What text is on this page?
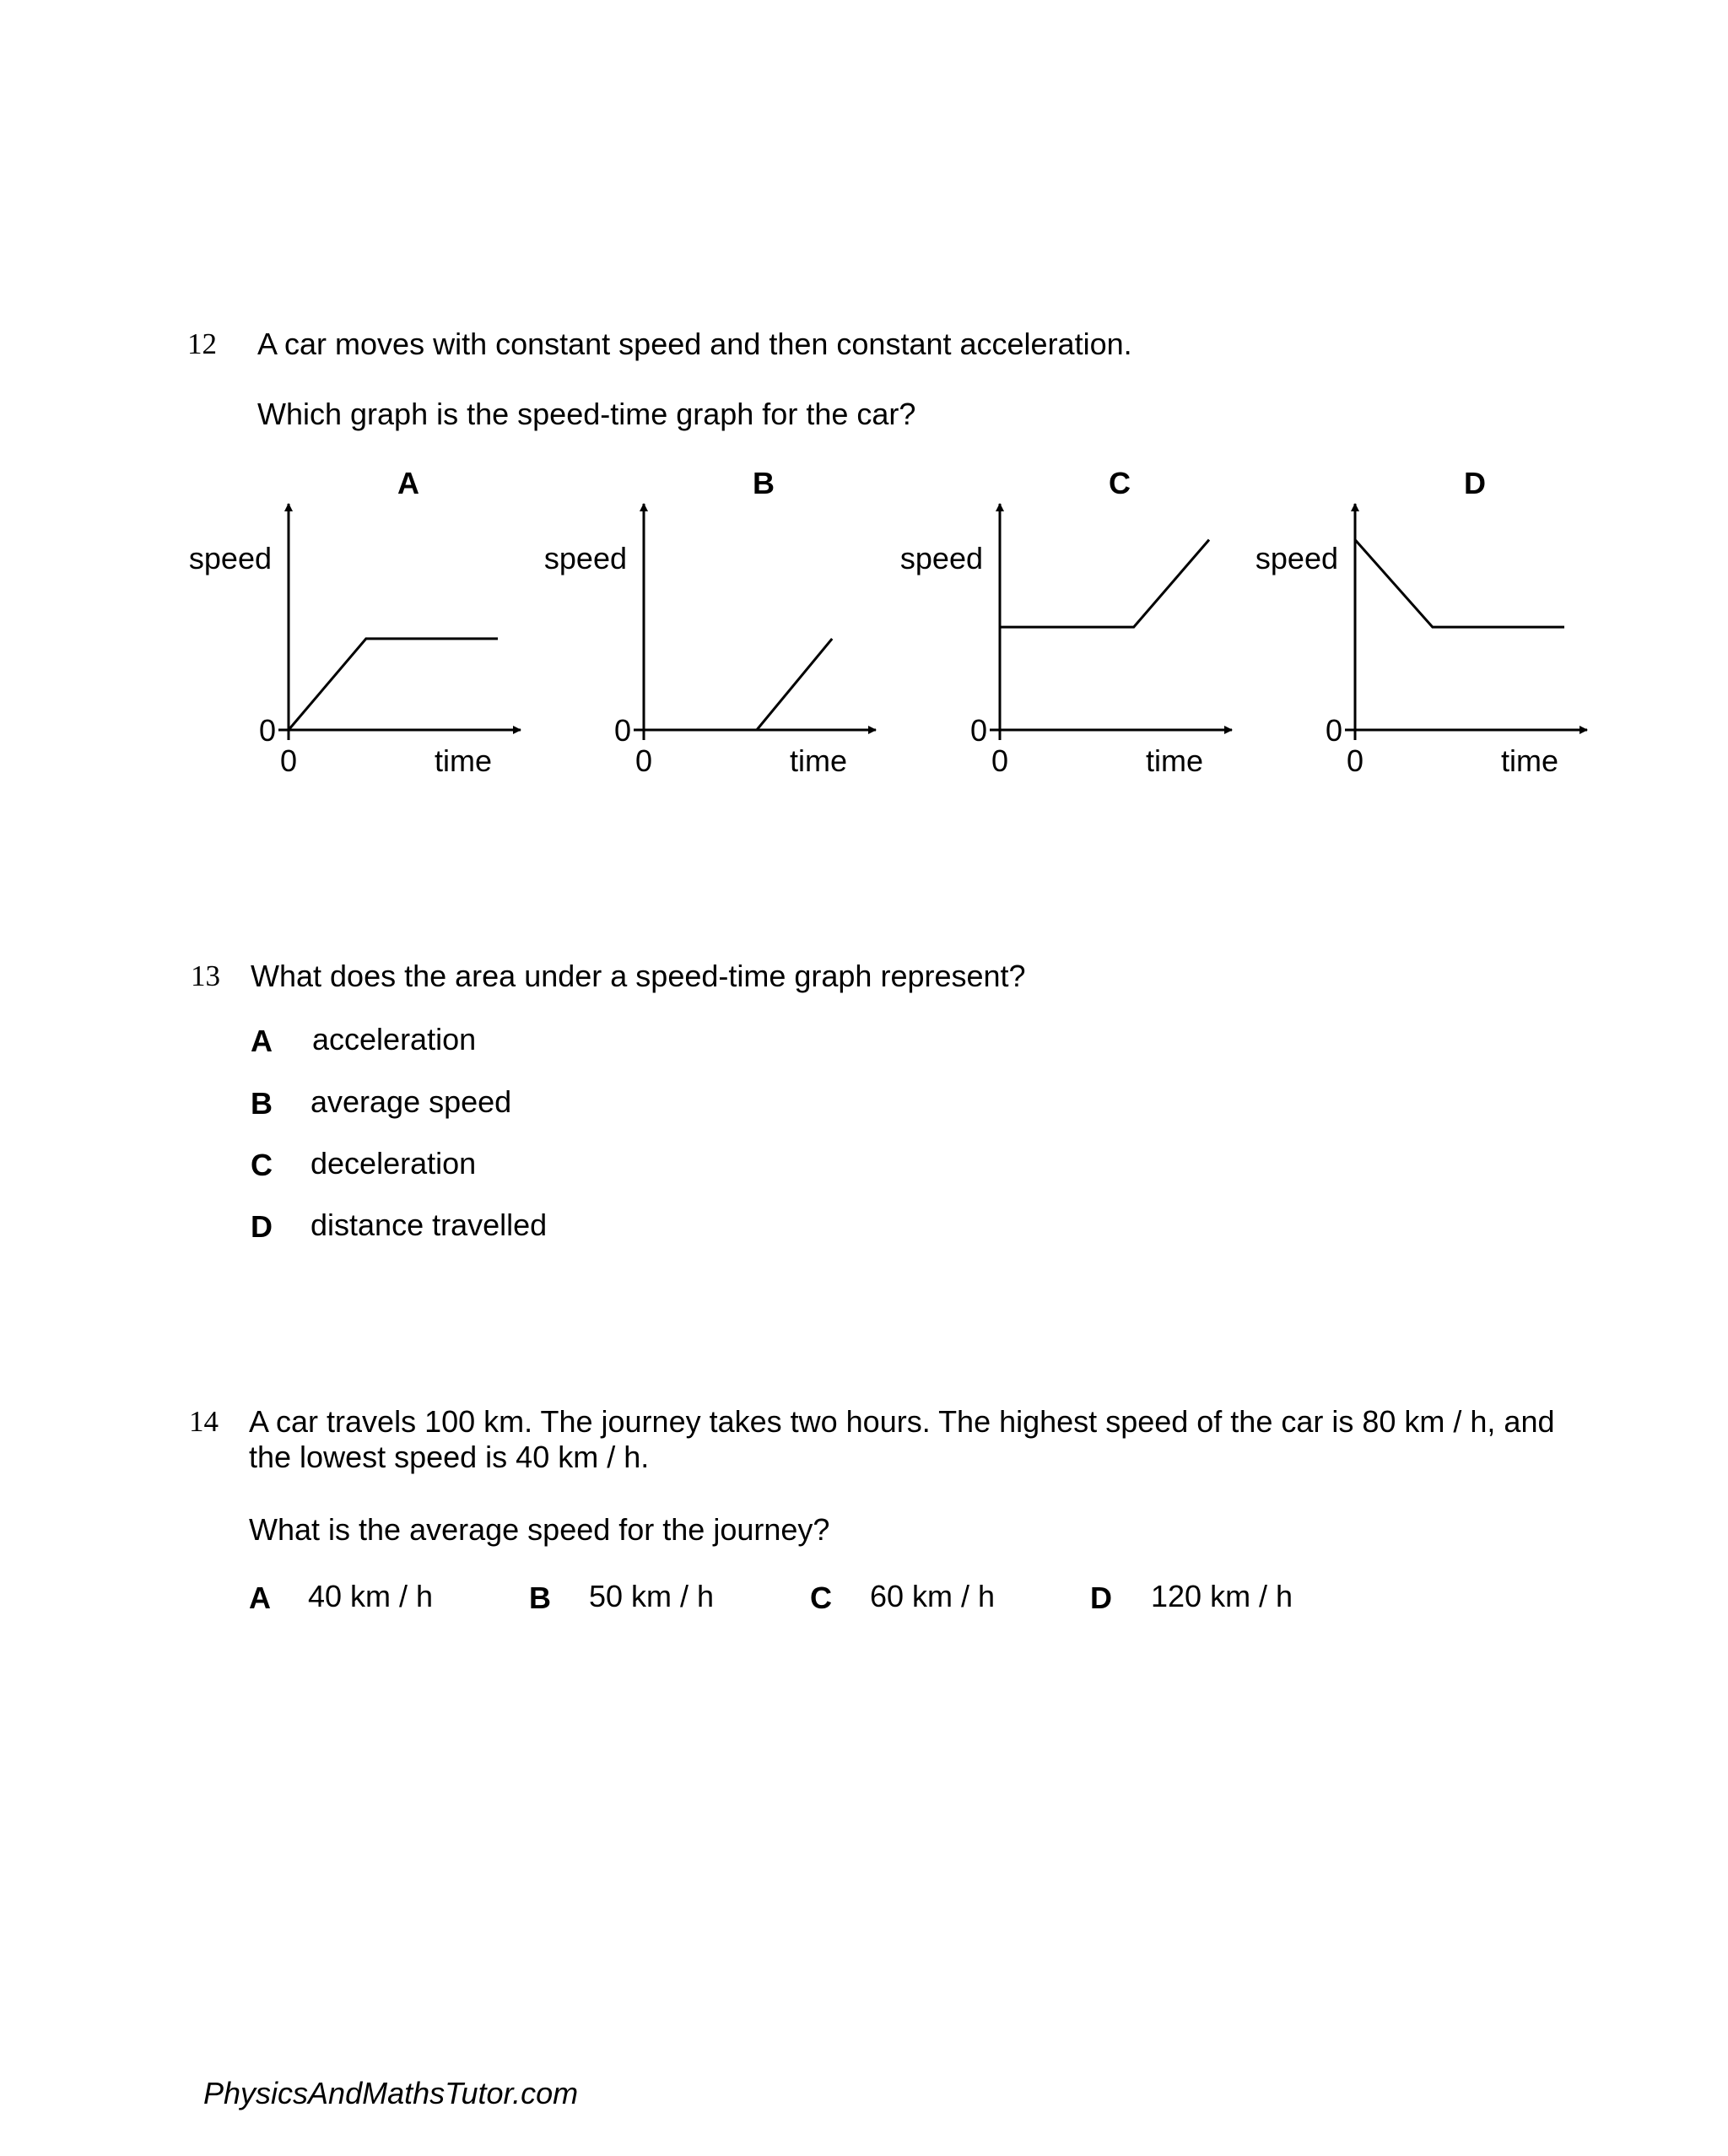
12 A car moves with constant speed and then constant acceleration.
Which graph is the speed-time graph for the car?
A
speed
time
0
0
B
speed
time
0
0
C
speed
time
0
0
D
speed
time
0
0
13 What does the area under a speed-time graph represent?
A acceleration
B average speed
C deceleration
D distance travelled
14 A car travels 100 km. The journey takes two hours. The highest speed of the car is 80 km / h, and
the lowest speed is 40 km / h.
What is the average speed for the journey?
A 40 km / h	B 50 km / h	C 60 km / h	D 120 km / h
PhysicsAndMathsTutor.com
